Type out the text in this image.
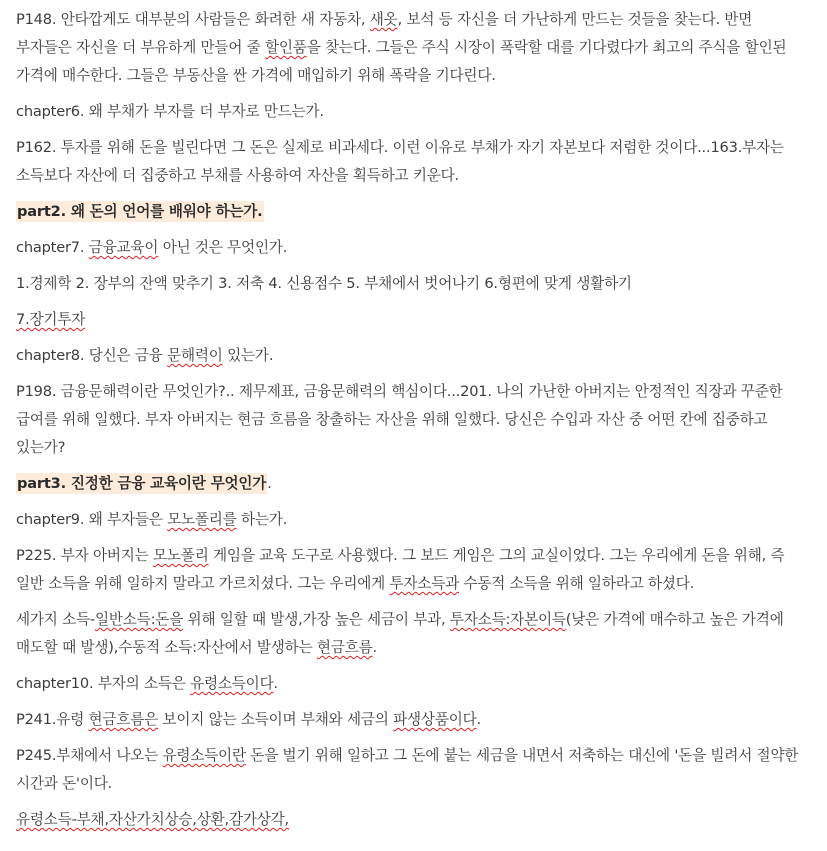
P148. 안타깝게도 대부분의 사람들은 화려한 새 자동차, 새옷, 보석 등 자신을 더 가난하게 만드는 것들을 찾는다. 반면 부자들은 자신을 더 부유하게 만들어 줄 할인품을 찾는다. 그들은 주식 시장이 폭락할 대를 기다렸다가 최고의 주식을 할인된 가격에 매수한다. 그들은 부동산을 싼 가격에 매입하기 위해 폭락을 기다린다.
chapter6. 왜 부채가 부자를 더 부자로 만드는가.
P162. 투자를 위해 돈을 빌린다면 그 돈은 실제로 비과세다. 이런 이유로 부채가 자기 자본보다 저렴한 것이다...163.부자는 소득보다 자산에 더 집중하고 부채를 사용하여 자산을 획득하고 키운다.
part2. 왜 돈의 언어를 배워야 하는가.
chapter7. 금융교육이 아닌 것은 무엇인가.
1.경제학 2. 장부의 잔액 맞추기 3. 저축 4. 신용점수 5. 부채에서 벗어나기 6.형편에 맞게 생활하기
7.장기투자
chapter8. 당신은 금융 문해력이 있는가.
P198. 금융문해력이란 무엇인가?.. 제무제표, 금융문해력의 핵심이다...201. 나의 가난한 아버지는 안정적인 직장과 꾸준한 급여를 위해 일했다. 부자 아버지는 현금 흐름을 창출하는 자산을 위해 일했다. 당신은 수입과 자산 중 어떤 칸에 집중하고 있는가?
part3. 진정한 금융 교육이란 무엇인가.
chapter9. 왜 부자들은 모노폴리를 하는가.
P225. 부자 아버지는 모노폴리 게임을 교육 도구로 사용했다. 그 보드 게임은 그의 교실이었다. 그는 우리에게 돈을 위해, 즉 일반 소득을 위해 일하지 말라고 가르치셨다. 그는 우리에게 투자소득과 수동적 소득을 위해 일하라고 하셨다.
세가지 소득-일반소득:돈을 위해 일할 때 발생,가장 높은 세금이 부과, 투자소득:자본이득(낮은 가격에 매수하고 높은 가격에 매도할 때 발생),수동적 소득:자산에서 발생하는 현금흐름.
chapter10. 부자의 소득은 유령소득이다.
P241.유령 현금흐름은 보이지 않는 소득이며 부채와 세금의 파생상품이다.
P245.부채에서 나오는 유령소득이란 돈을 벌기 위해 일하고 그 돈에 붙는 세금을 내면서 저축하는 대신에 '돈을 빌려서 절약한 시간과 돈'이다.
유령소득-부채,자산가치상승,상환,감가상각,
